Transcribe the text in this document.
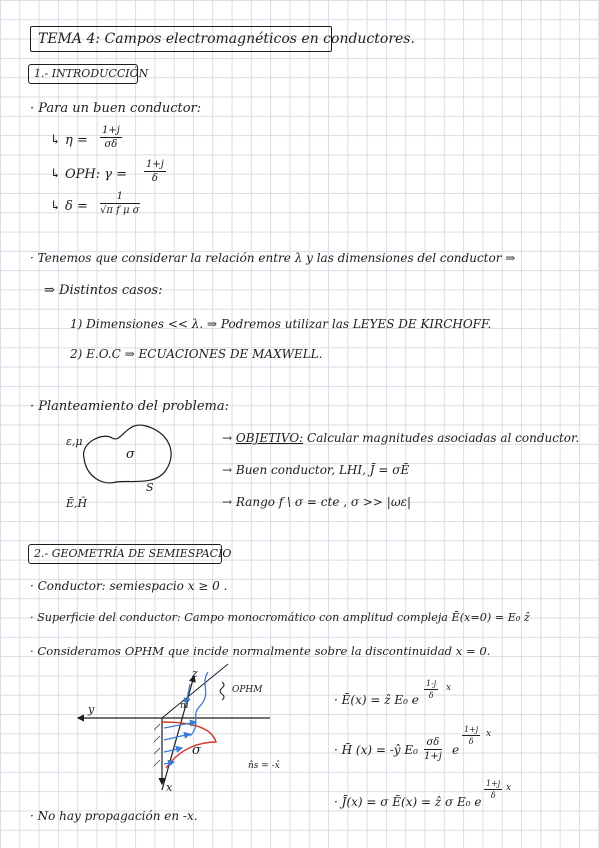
TEMA 4: Campos electromagnéticos en conductores.
1.- INTRODUCCIÓN
· Para un buen conductor:
↳ $\eta = \frac{1+j}{\sigma\delta}$
↳ OPH: $\gamma = \frac{1+j}{\delta}$
↳ $\delta = \frac{1}{\text{√π f μ σ}}$
· Tenemos que considerar la relación entre λ y las dimensiones del conductor ⇒
⇒ Distintos casos:
1) Dimensiones << λ. ⇒ Podremos utilizar las LEYES DE KIRCHOFF.
2) E.O.C ⇒ ECUACIONES DE MAXWELL.
· Planteamiento del problema:
ε,μ
σ
S
Ē,H̄
→ OBJETIVO: Calcular magnitudes asociadas al conductor.
→ Buen conductor, LHI, J̄ = σĒ
→ Rango f \ σ = cte , σ >> |ωε|
2.- GEOMETRÍA DE SEMIESPACIO
· Conductor: semiespacio x ≥ 0 .
· Superficie del conductor: Campo monocromático con amplitud compleja Ē(x=0) = E₀ ẑ
· Consideramos OPHM que incide normalmente sobre la discontinuidad x = 0.
z
y
x
OPHM
n̂i
σ
n̂s = -x̂
· Ē(x) = ẑ E₀ e $\frac{1-j}{\delta}$ x
· H̄ (x) = -ŷ $E_0 \frac{\sigma\delta}{1+j}$ e
$\frac{1+j}{\delta}$ x
· J̄(x) = σ Ē(x) = ẑ σ E₀ e
$\frac{1+j}{\delta}$ x
· No hay propagación en -x.
